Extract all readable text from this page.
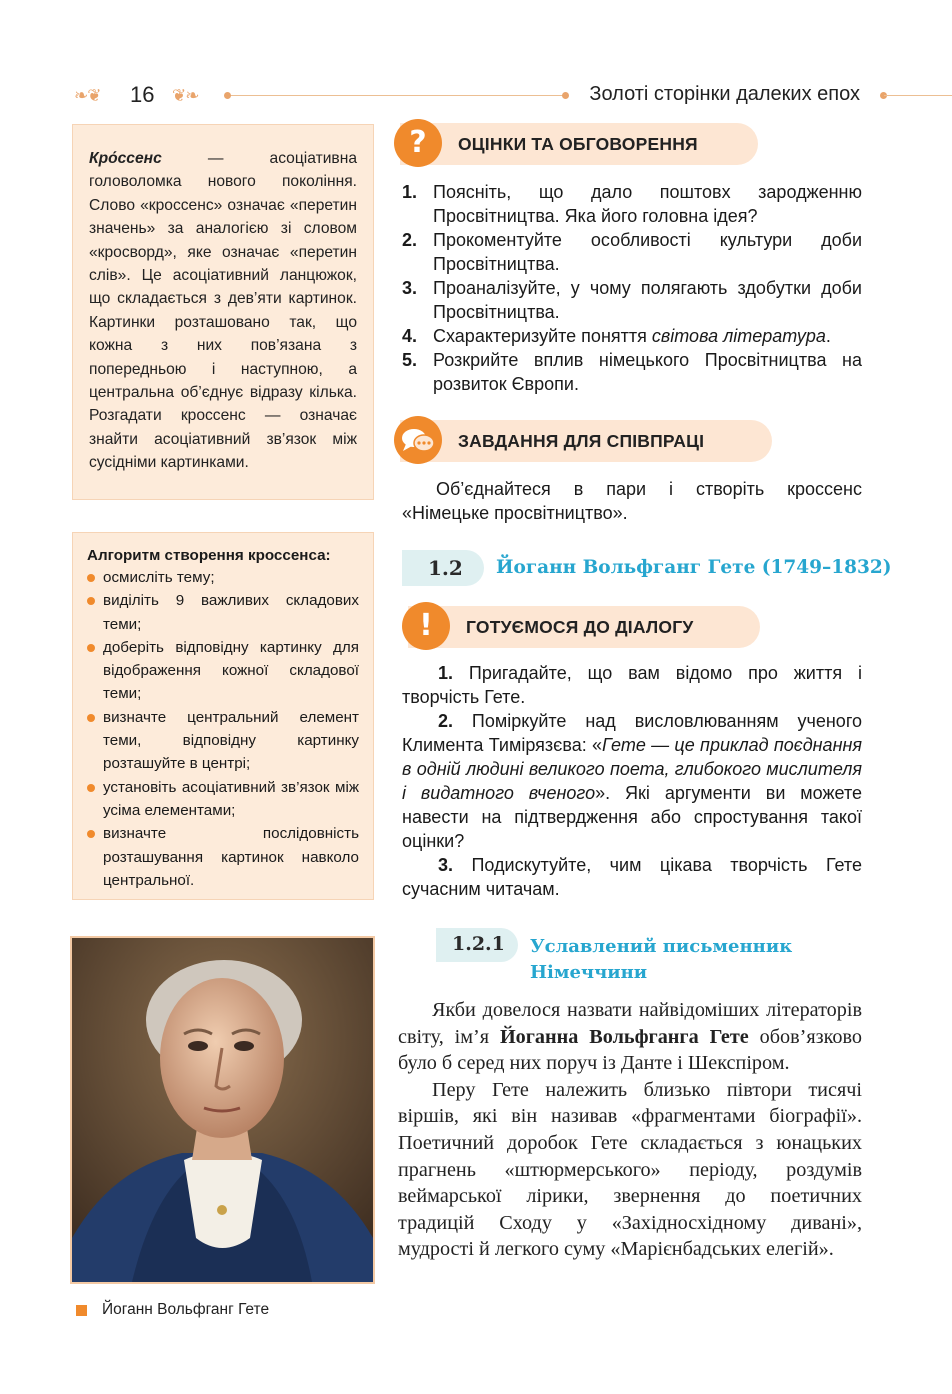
❧❦ 16 ❦❧	Золоті сторінки далеких епох

Кро́ссенс — асоціативна головоломка нового покоління. Слово «кроссенс» означає «перетин значень» за аналогією зі словом «кросворд», яке означає «перетин слів». Це асоціативний ланцюжок, що складається з дев’яти картинок. Картинки розташовано так, що кожна з них пов’язана з попередньою і наступною, а центральна об’єднує відразу кілька. Розгадати кроссенс — означає знайти асоціативний зв’язок між сусідніми картинками.

Алгоритм створення кроссенса:
осмисліть тему;
виділіть 9 важливих складових теми;
доберіть відповідну картинку для відображення кожної складової теми;
визначте центральний елемент теми, відповідну картинку розташуйте в центрі;
установіть асоціативний зв’язок між усіма елементами;
визначте послідовність розташування картинок навколо центральної.
Йоганн Вольфганг Гете
?	ОЦІНКИ ТА ОБГОВОРЕННЯ
1. Поясніть, що дало поштовх зародженню Просвітництва. Яка його головна ідея?
2. Прокоментуйте особливості культури доби Просвітництва.
3. Проаналізуйте, у чому полягають здобутки доби Просвітництва.
4. Схарактеризуйте поняття світова література.
5. Розкрийте вплив німецького Просвітництва на розвиток Європи.
ЗАВДАННЯ ДЛЯ СПІВПРАЦІ

Об’єднайтеся в пари і створіть кроссенс «Німецьке просвітництво».

1.2	Йоганн Вольфганг Гете (1749–1832)
!	ГОТУЄМОСЯ ДО ДІАЛОГУ

1. Пригадайте, що вам відомо про життя і творчість Гете.

2. Поміркуйте над висловлюванням ученого Климента Тимірязєва: «Гете — це приклад поєднання в одній людині великого поета, глибокого мислителя і видатного вченого». Які аргументи ви можете навести на підтвердження або спростування такої оцінки?

3. Подискутуйте, чим цікава творчість Гете сучасним читачам.

1.2.1	Уславлений письменник Німеччини

Якби довелося назвати найвідоміших літераторів світу, ім’я Йоганна Вольфганга Гете обов’язково було б серед них поруч із Данте і Шекспіром.

Перу Гете належить близько півтори тисячі віршів, які він називав «фрагментами біографії». Поетичний доробок Гете складається з юнацьких прагнень «штюрмерського» періоду, роздумів веймарської лірики, звернення до поетичних традицій Сходу у «Західносхідному дивані», мудрості й легкого суму «Марієнбадських елегій».
